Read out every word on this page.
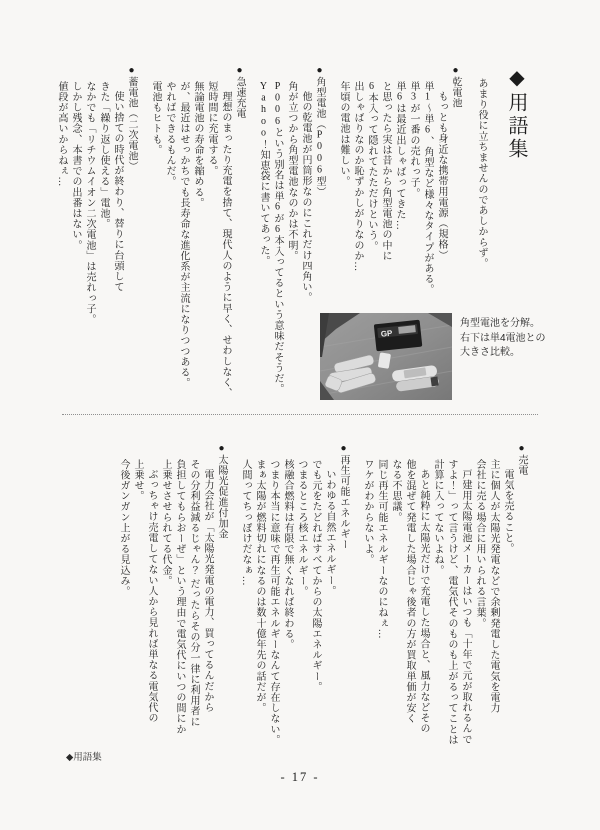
◆用語集

あまり役に立ちませんのであしからず。

●乾電池

もっとも身近な携帯用電源（規格）

単1～単6、角型など様々なタイプがある。

単3が一番の売れっ子。

単6は最近出しゃばってきた…

と思ったら実は昔から角型電池の中に

6本入って隠れてたただけという。

出しゃばりなのか恥ずかしがりなのか…

年頃の電池は難しい。

●角型電池（P006型）

他の乾電池が円筒形なのにこれだけ四角い。

角が立つから角型電池なのかは不明。

P006という別名は単6が6本入ってるという意味だそうだ。

Yahoo！知恵袋に書いてあった。

●急速充電

理想のまったり充電を捨て、現代人のように早く、せわしなく、

短時間に充電する。

無論電池の寿命を縮める。

が、最近はせっかちでも長寿命な進化系が主流になりつつある。

やればできるもんだ。

電池もヒトも。

●蓄電池（二次電池）

使い捨ての時代が終わり、替りに台頭して

きた「繰り返し使える」電池。

なかでも「リチウムイオン二次電池」は売れっ子。

しかし残念、本書での出番はない。

値段が高いからねぇ…

GP

角型電池を分解。

右下は単4電池との

大きさ比較。

●売電

電気を売ること。

主に個人が太陽光発電などで余剰発電した電気を電力

会社に売る場合に用いられる言葉。

戸建用太陽電池メーカーはいつも「十年で元が取れるんで

すよ！」って言うけど、電気代そのものも上がるってことは

計算に入ってないよね。

あと純粋に太陽光だけで充電した場合と、風力などその

他を混ぜて発電した場合じゃ後者の方が買取単価が安く

なる不思議。

同じ再生可能エネルギーなのにねぇ…

ワケがわからないよ。

●再生可能エネルギー

いわゆる自然エネルギー。

でも元をたどればすべてからの太陽エネルギー。

つまるところ核エネルギー。

核融合燃料は有限で無くなれば終わる。

つまり本当に意味で再生可能エネルギーなんて存在しない。

まぁ太陽が燃料切れになるのは数十億年先の話だが。

人間ってちっぽけだなぁ…

●太陽光促進付加金

電力会社が「太陽光発電の電力、買ってるんだから

その分利益減るじゃん？ だったらその分一律に利用者に

負担してもらおーぜ」という理由で電気代にいつの間にか

上乗せさせられてる代金。

ぶっちゃけ売電してない人から見れば単なる電気代の

上乗せ。

今後ガンガン上がる見込み。

◆用語集
- 17 -
